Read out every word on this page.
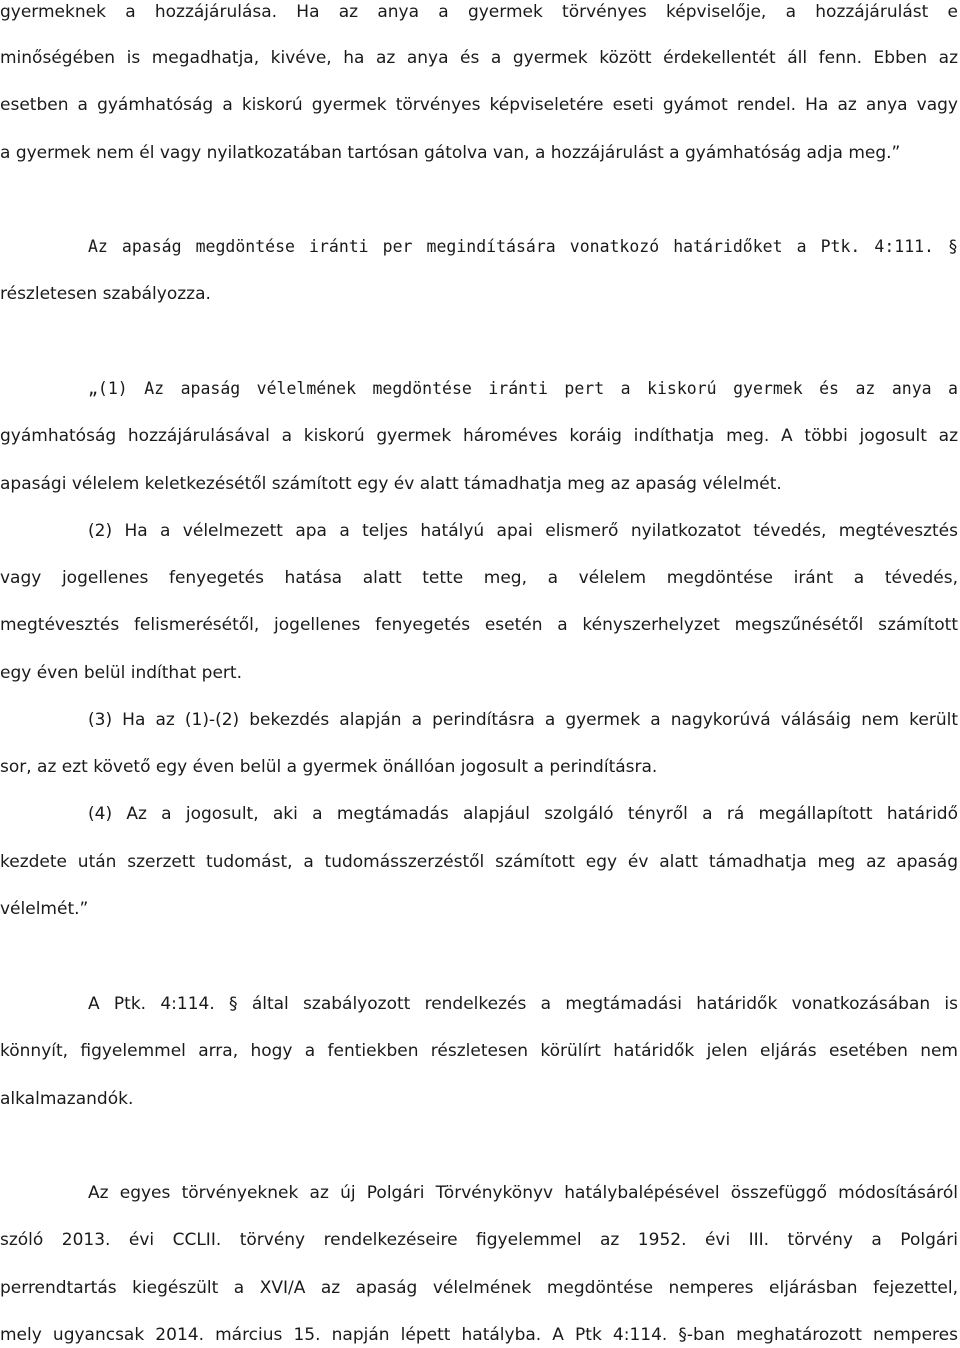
gyermeknek a hozzájárulása. Ha az anya a gyermek törvényes képviselője, a hozzájárulást e
minőségében is megadhatja, kivéve, ha az anya és a gyermek között érdekellentét áll fenn. Ebben az
esetben a gyámhatóság a kiskorú gyermek törvényes képviseletére eseti gyámot rendel. Ha az anya vagy
a gyermek nem él vagy nyilatkozatában tartósan gátolva van, a hozzájárulást a gyámhatóság adja meg.”
Az apaság megdöntése iránti per megindítására vonatkozó határidőket a Ptk. 4:111. §
részletesen szabályozza.
„(1) Az apaság vélelmének megdöntése iránti pert a kiskorú gyermek és az anya a
gyámhatóság hozzájárulásával a kiskorú gyermek hároméves koráig indíthatja meg. A többi jogosult az
apasági vélelem keletkezésétől számított egy év alatt támadhatja meg az apaság vélelmét.
(2) Ha a vélelmezett apa a teljes hatályú apai elismerő nyilatkozatot tévedés, megtévesztés
vagy jogellenes fenyegetés hatása alatt tette meg, a vélelem megdöntése iránt a tévedés,
megtévesztés felismerésétől, jogellenes fenyegetés esetén a kényszerhelyzet megszűnésétől számított
egy éven belül indíthat pert.
(3) Ha az (1)-(2) bekezdés alapján a perindításra a gyermek a nagykorúvá válásáig nem került
sor, az ezt követő egy éven belül a gyermek önállóan jogosult a perindításra.
(4) Az a jogosult, aki a megtámadás alapjául szolgáló tényről a rá megállapított határidő
kezdete után szerzett tudomást, a tudomásszerzéstől számított egy év alatt támadhatja meg az apaság
vélelmét.”
A Ptk. 4:114. § által szabályozott rendelkezés a megtámadási határidők vonatkozásában is
könnyít, figyelemmel arra, hogy a fentiekben részletesen körülírt határidők jelen eljárás esetében nem
alkalmazandók.
Az egyes törvényeknek az új Polgári Törvénykönyv hatálybalépésével összefüggő módosításáról
szóló 2013. évi CCLII. törvény rendelkezéseire figyelemmel az 1952. évi III. törvény a Polgári
perrendtartás kiegészült a XVI/A az apaság vélelmének megdöntése nemperes eljárásban fejezettel,
mely ugyancsak 2014. március 15. napján lépett hatályba. A Ptk 4:114. §-ban meghatározott nemperes
